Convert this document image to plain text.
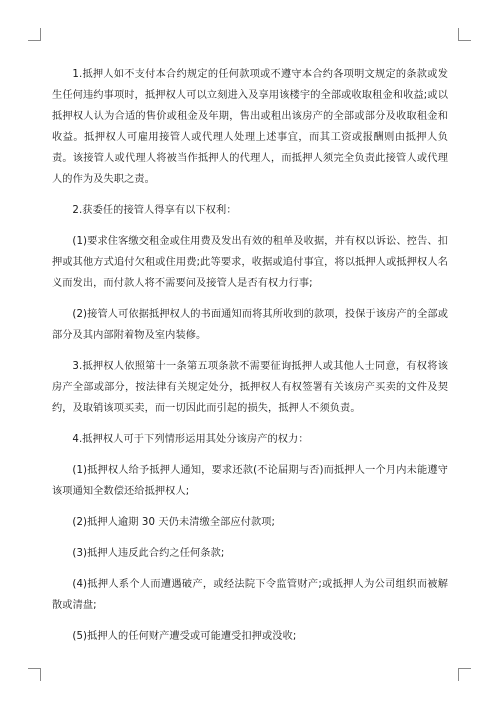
1.抵押人如不支付本合约规定的任何款项或不遵守本合约各项明文规定的条款或发生任何违约事项时，抵押权人可以立刻进入及享用该楼宇的全部或收取租金和收益;或以抵押权人认为合适的售价或租金及年期，售出或租出该房产的全部或部分及收取租金和收益。抵押权人可雇用接管人或代理人处理上述事宜，而其工资或报酬则由抵押人负责。该接管人或代理人将被当作抵押人的代理人，而抵押人须完全负责此接管人或代理人的作为及失职之责。

2.获委任的接管人得享有以下权利：

(1)要求住客缴交租金或住用费及发出有效的租单及收据，并有权以诉讼、控告、扣押或其他方式追付欠租或住用费;此等要求，收据或追付事宜，将以抵押人或抵押权人名义而发出，而付款人将不需要问及接管人是否有权力行事;

(2)接管人可依据抵押权人的书面通知而将其所收到的款项，投保于该房产的全部或部分及其内部附着物及室内装修。

3.抵押权人依照第十一条第五项条款不需要征询抵押人或其他人士同意，有权将该房产全部或部分，按法律有关规定处分，抵押权人有权签署有关该房产买卖的文件及契约，及取销该项买卖，而一切因此而引起的损失，抵押人不须负责。

4.抵押权人可于下列情形运用其处分该房产的权力：

(1)抵押权人给予抵押人通知，要求还款(不论届期与否)而抵押人一个月内未能遵守该项通知全数偿还给抵押权人;

(2)抵押人逾期 30 天仍未清缴全部应付款项;

(3)抵押人违反此合约之任何条款;

(4)抵押人系个人而遭遇破产，或经法院下令监管财产;或抵押人为公司组织而被解散或清盘;

(5)抵押人的任何财产遭受或可能遭受扣押或没收;
